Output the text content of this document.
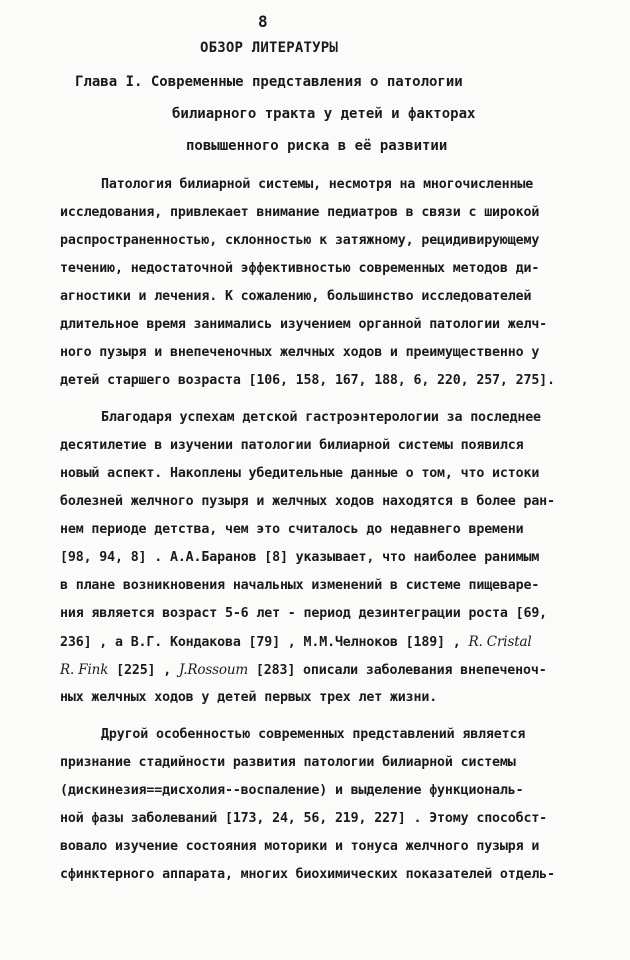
8
ОБЗОР ЛИТЕРАТУРЫ
Глава I. Современные представления о патологии
билиарного тракта у детей и факторах
повышенного риска в её развитии
Патология билиарной системы, несмотря на многочисленные
исследования, привлекает внимание педиатров в связи с широкой
распространенностью, склонностью к затяжному, рецидивирующему
течению, недостаточной эффективностью современных методов ди-
агностики и лечения. К сожалению, большинство исследователей
длительное время занимались изучением органной патологии желч-
ного пузыря и внепеченочных желчных ходов и преимущественно у
детей старшего возраста [106, 158, 167, 188, 6, 220, 257, 275].
Благодаря успехам детской гастроэнтерологии за последнее
десятилетие в изучении патологии билиарной системы появился
новый аспект. Накоплены убедительные данные о том, что истоки
болезней желчного пузыря и желчных ходов находятся в более ран-
нем периоде детства, чем это считалось до недавнего времени
[98, 94, 8] . А.А.Баранов [8] указывает, что наиболее ранимым
в плане возникновения начальных изменений в системе пищеваре-
ния является возраст 5-6 лет - период дезинтеграции роста [69,
236] , а В.Г. Кондакова [79] , М.М.Челноков [189] , R. Cristal
R. Fink [225] , J.Rossoum [283] описали заболевания внепеченоч-
ных желчных ходов у детей первых трех лет жизни.
Другой особенностью современных представлений является
признание стадийности развития патологии билиарной системы
(дискинезия==дисхолия--воспаление) и выделение функциональ-
ной фазы заболеваний [173, 24, 56, 219, 227] . Этому способст-
вовало изучение состояния моторики и тонуса желчного пузыря и
сфинктерного аппарата, многих биохимических показателей отдель-
